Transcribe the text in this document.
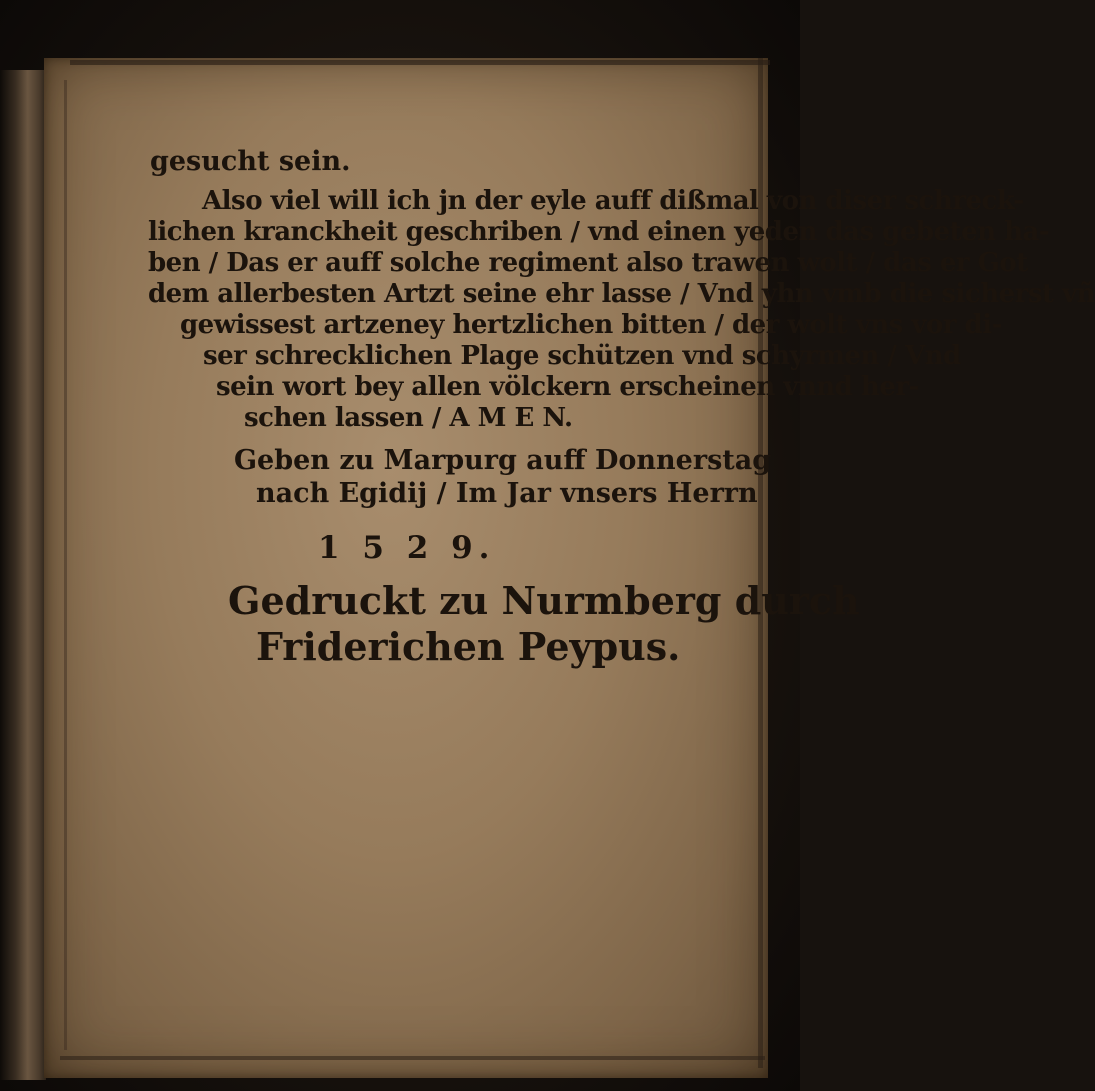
gesucht sein.
Also viel will ich jn der eyle auff dißmal von diser schreck-
lichen kranckheit geschriben / vnd einen yeden das gebeten ha-
ben / Das er auff solche regiment also trawen wolt / das er Got
dem allerbesten Artzt seine ehr lasse / Vnd yhn vmb die sicherst vñ
gewissest artzeney hertzlichen bitten / der wolt vns vor di-
ser schrecklichen Plage schützen vnd schyrmen / Vnd
sein wort bey allen völckern erscheinen vnnd her-
schen lassen / A M E N.
Geben zu Marpurg auff Donnerstag
nach Egidij / Im Jar vnsers Herrn
1 5 2 9.
Gedruckt zu Nurmberg durch
Friderichen Peypus.
